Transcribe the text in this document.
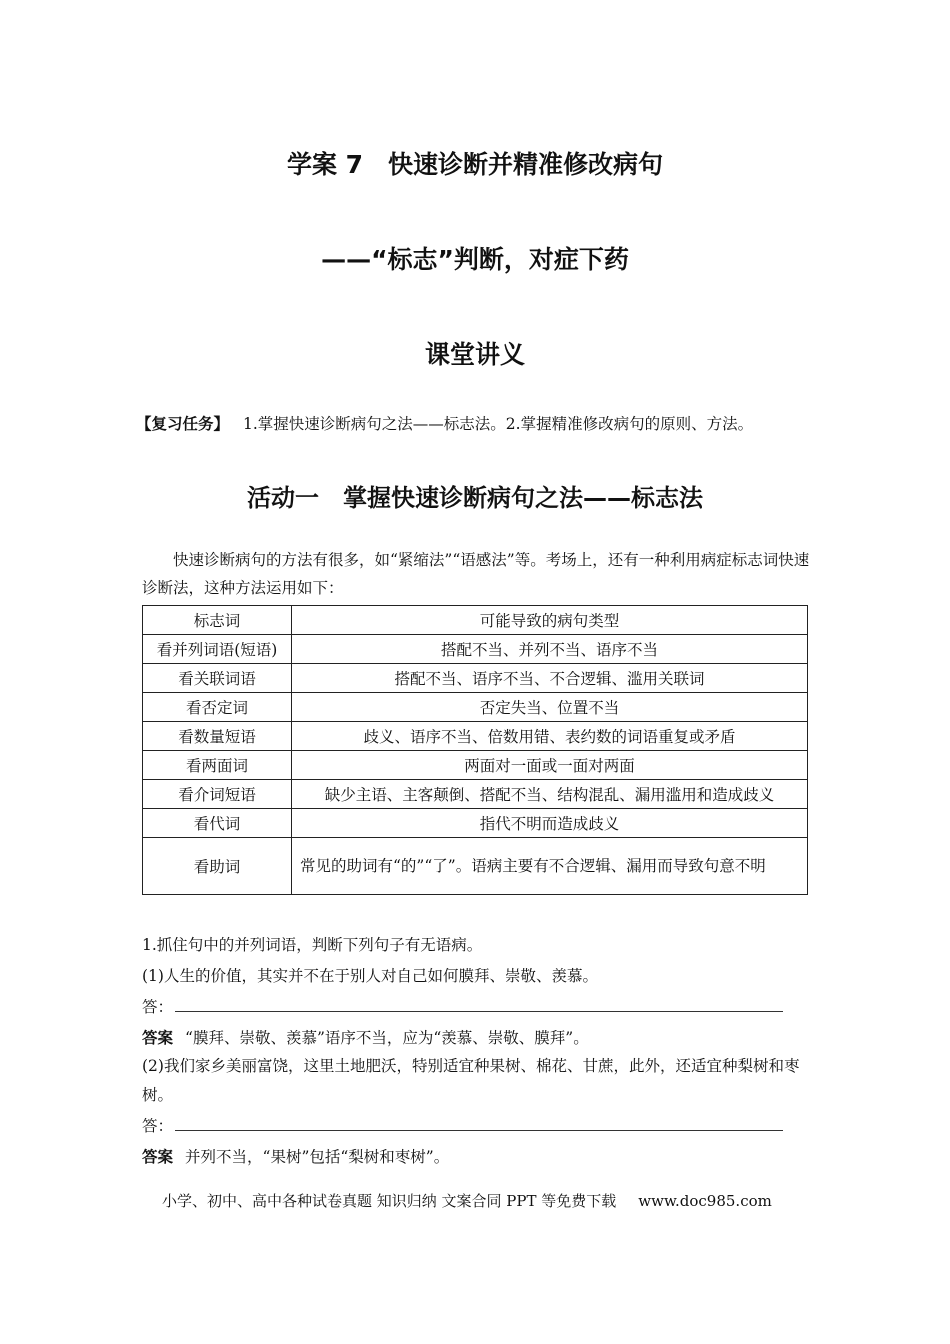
学案 7　快速诊断并精准修改病句
——“标志”判断，对症下药
课堂讲义
【复习任务】 1.掌握快速诊断病句之法——标志法。2.掌握精准修改病句的原则、方法。
活动一　掌握快速诊断病句之法——标志法
快速诊断病句的方法有很多，如“紧缩法”“语感法”等。考场上，还有一种利用病症标志词快速诊断法，这种方法运用如下：
标志词	可能导致的病句类型
看并列词语(短语)	搭配不当、并列不当、语序不当
看关联词语	搭配不当、语序不当、不合逻辑、滥用关联词
看否定词	否定失当、位置不当
看数量短语	歧义、语序不当、倍数用错、表约数的词语重复或矛盾
看两面词	两面对一面或一面对两面
看介词短语	缺少主语、主客颠倒、搭配不当、结构混乱、漏用滥用和造成歧义
看代词	指代不明而造成歧义
看助词	常见的助词有“的”“了”。语病主要有不合逻辑、漏用而导致句意不明
1.抓住句中的并列词语，判断下列句子有无语病。
(1)人生的价值，其实并不在于别人对自己如何膜拜、崇敬、羡慕。
答：
答案 “膜拜、崇敬、羡慕”语序不当，应为“羡慕、崇敬、膜拜”。
(2)我们家乡美丽富饶，这里土地肥沃，特别适宜种果树、棉花、甘蔗，此外，还适宜种梨树和枣树。
答：
答案 并列不当，“果树”包括“梨树和枣树”。
小学、初中、高中各种试卷真题 知识归纳 文案合同 PPT 等免费下载 www.doc985.com
